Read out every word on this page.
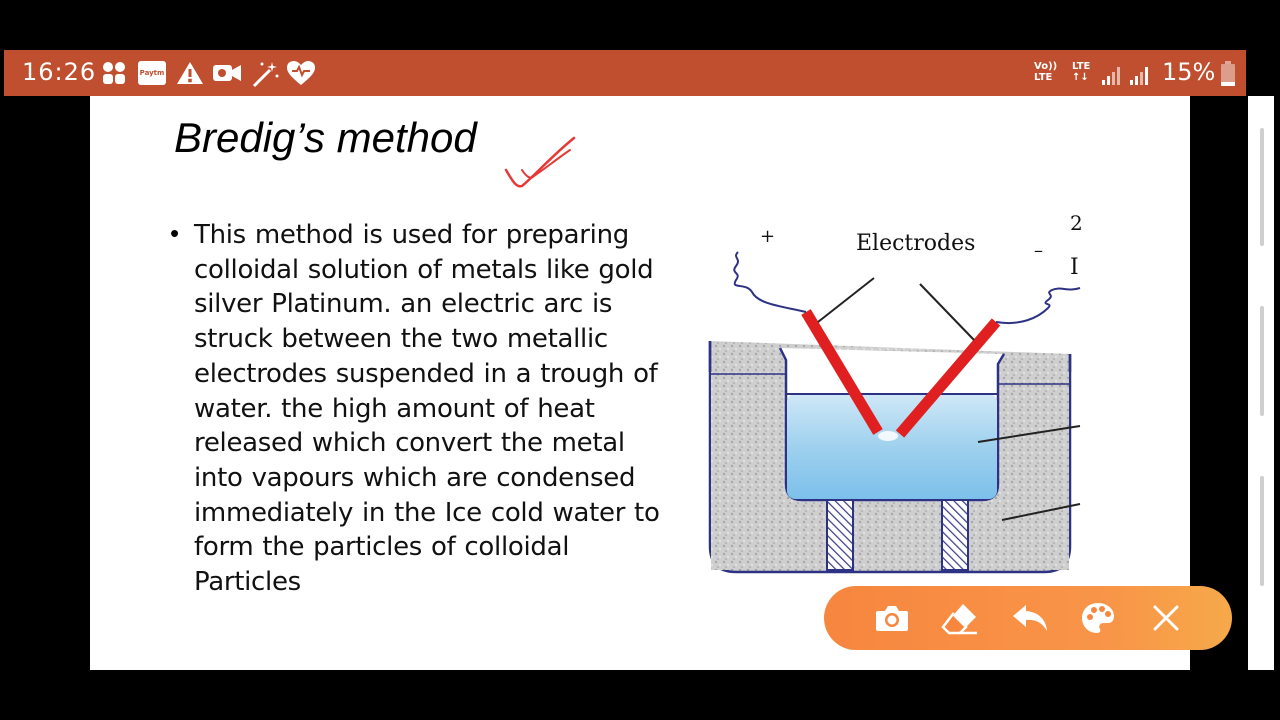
16:26	Paytm
Vo))
LTE
LTE
↑↓	15%
Bredig’s method
• This method is used for preparing colloidal solution of metals like gold silver Platinum. an electric arc is struck between the two metallic electrodes suspended in a trough of water. the high amount of heat released which convert the metal into vapours which are condensed immediately in the Ice cold water to form the particles of colloidal Particles
Electrodes
+
–
2
I
